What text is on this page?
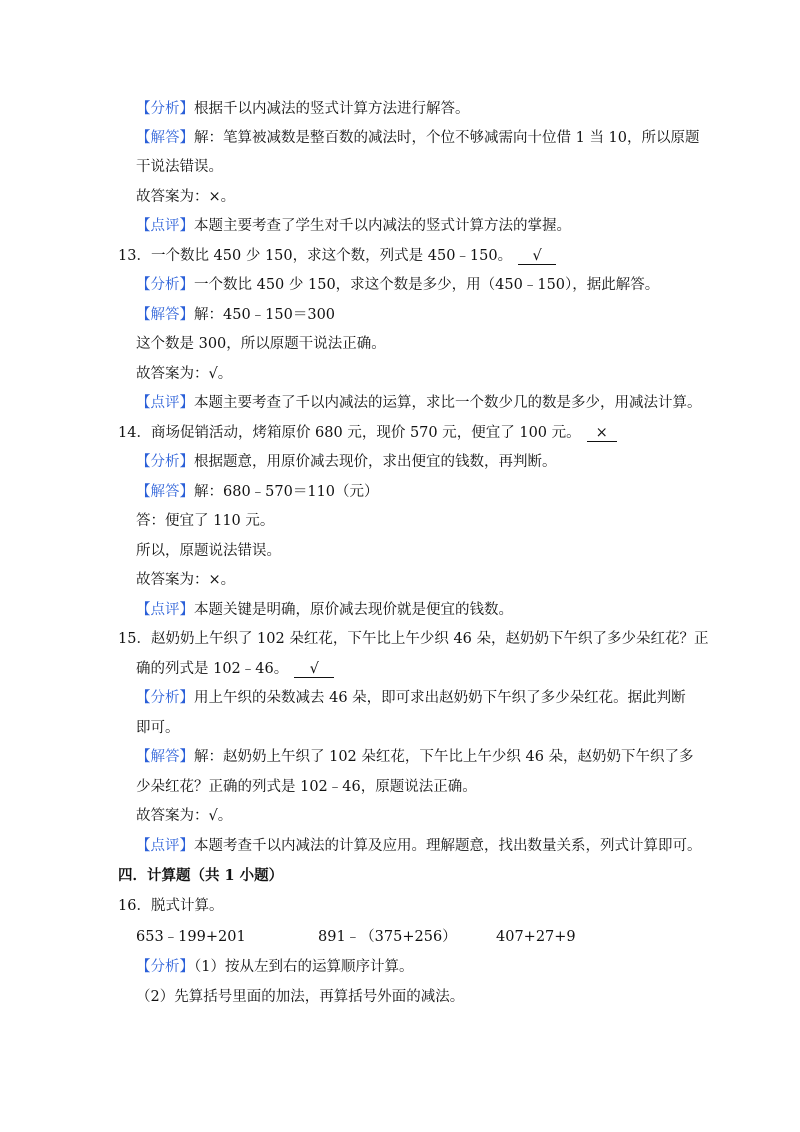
【分析】根据千以内减法的竖式计算方法进行解答。
【解答】解：笔算被减数是整百数的减法时，个位不够减需向十位借 1 当 10，所以原题
干说法错误。
故答案为：×。
【点评】本题主要考查了学生对千以内减法的竖式计算方法的掌握。
13．一个数比 450 少 150，求这个数，列式是 450﹣150。 √
【分析】一个数比 450 少 150，求这个数是多少，用（450﹣150），据此解答。
【解答】解：450﹣150＝300
这个数是 300，所以原题干说法正确。
故答案为：√。
【点评】本题主要考查了千以内减法的运算，求比一个数少几的数是多少，用减法计算。
14．商场促销活动，烤箱原价 680 元，现价 570 元，便宜了 100 元。 ×
【分析】根据题意，用原价减去现价，求出便宜的钱数，再判断。
【解答】解：680﹣570＝110（元）
答：便宜了 110 元。
所以，原题说法错误。
故答案为：×。
【点评】本题关键是明确，原价减去现价就是便宜的钱数。
15．赵奶奶上午织了 102 朵红花，下午比上午少织 46 朵，赵奶奶下午织了多少朵红花？正
确的列式是 102﹣46。 √
【分析】用上午织的朵数减去 46 朵，即可求出赵奶奶下午织了多少朵红花。据此判断
即可。
【解答】解：赵奶奶上午织了 102 朵红花，下午比上午少织 46 朵，赵奶奶下午织了多
少朵红花？正确的列式是 102﹣46，原题说法正确。
故答案为：√。
【点评】本题考查千以内减法的计算及应用。理解题意，找出数量关系，列式计算即可。
四．计算题（共 1 小题）
16．脱式计算。
653﹣199+201	891﹣（375+256）	407+27+9
【分析】（1）按从左到右的运算顺序计算。
（2）先算括号里面的加法，再算括号外面的减法。
